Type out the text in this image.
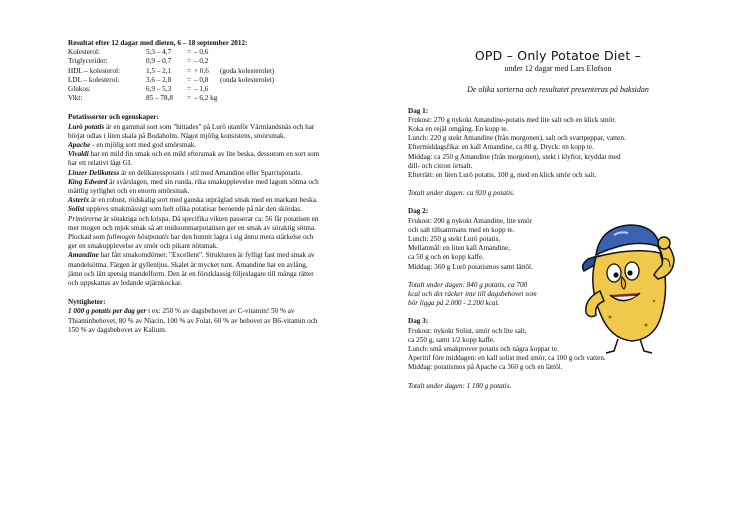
Resultat efter 12 dagar med dieten, 6 – 18 september 2012:
Kolesterol:	5,3 – 4,7	= – 0,6
Triglycerider:	0,9 – 0,7	= – 0,2
HDL – kolesterol:	1,5 – 2,1	= + 0,6	(goda kolesterolet)
LDL – kolesterol:	3,6 – 2,8	= – 0,8	(onda kolesterolet)
Glukos:	6,9 – 5,3	= – 1,6
Vikt:	85 – 78,8	= – 6,2 kg
Potatissorter och egenskaper:
Lurö potatis är en gammal sort som "hittades" på Lurö utanför Värmlandsnäs och har börjat odlas i liten skala på Bodaholm. Något mjölig konsistens, smörsmak.
Apache - en mjölig sort med god smörsmak.
Vivaldi har en mild fin smak och en mild eftersmak av lite beska, dessutom en sort som har ett relativt lågt GI.
Linzer Delikatess är en delikatesspotatis i stil med Amandine eller Sparrispotatis.
King Edward är svårslagen, med sin runda, rika smakupplevelse med lagom sötma och måttlig syrlighet och en enorm smörsmak.
Asterix är en robust, rödskalig sort med ganska utpräglad smak med en markant beska.
Solist upplevs smakmässigt som helt olika potatisar beroende på när den skördas. Primörerna är sötaktiga och krispa. Då specifika vikten passerar ca: 56 får potatisen en mer mogen och mjuk smak så att midsommarpotatisen ger en smak av söraktig sötma. Plockad som fullmogen höstpotatis har den hunnit lagra i sig ännu mera stärkelse och ger en smakupplevelse av smör och pikant nötsmak.
Amandine har fått smakomdömet: "Excellent". Strukturen är fylligt fast med smak av mandelsötma. Färgen är gyllenljus. Skalet är mycket tunt. Amandine har en avlång, jämn och lätt spetsig mandelform. Den är en förstklassig följeslagare till många rätter och uppskattas av ledande stjärnkockar.
Nyttigheter:
1 000 g potatis per dag ger t ex: 250 % av dagsbehovet av C-vitamin! 50 % av Thiaminbehovet, 80 % av Niacin, 100 % av Folat, 60 % av behovet av B6-vitamin och 150 % av dagsbehovet av Kalium.
OPD – Only Potatoe Diet –
under 12 dagar med Lars Elofson
De olika sorterna och resultatet presenteras på baksidan
Dag 1:
Frukost: 270 g nykokt Amandine-potatis med lite salt och en klick smör.
Koka en rejäl omgång. En kopp te.
Lunch: 220 g stekt Amandine (från morgonen), salt och svartpeppar, vatten.
Eftermiddagsfika: en kall Amandine, ca 80 g. Dryck: en kopp te.
Middag: ca 250 g Amandine (från morgonen), stekt i klyftor, kryddat med
dill- och citron örtsalt.
Efterrätt: en liten Lurö potatis, 100 g, med en klick smör och salt.
Totalt under dagen: ca 920 g potatis.
Dag 2:
Frukost: 200 g nykokt Amandine, lite smör
och salt tillsammans med en kopp te.
Lunch: 250 g stekt Lurö potatis.
Mellanmål: en liten kall Amandine,
ca 50 g och en kopp kaffe.
Middag: 360 g Lurö potatismos samt lättöl.
Totalt under dagen: 840 g potatis, ca 700
kcal och det räcker inte till dagsbehovet som
bör ligga på 2.000 - 2.200 kcal.
Dag 3:
Frukost: nykokt Solist, smör och lite salt,
ca 250 g, samt 1/2 kopp kaffe.
Lunch: små smakprover potatis och några koppar te.
Aperitif före middagen: en kall solist med smör, ca 100 g och vatten.
Middag: potatismos på Apache ca 360 g och en lättöl.
Totalt under dagen: 1 180 g potatis.
